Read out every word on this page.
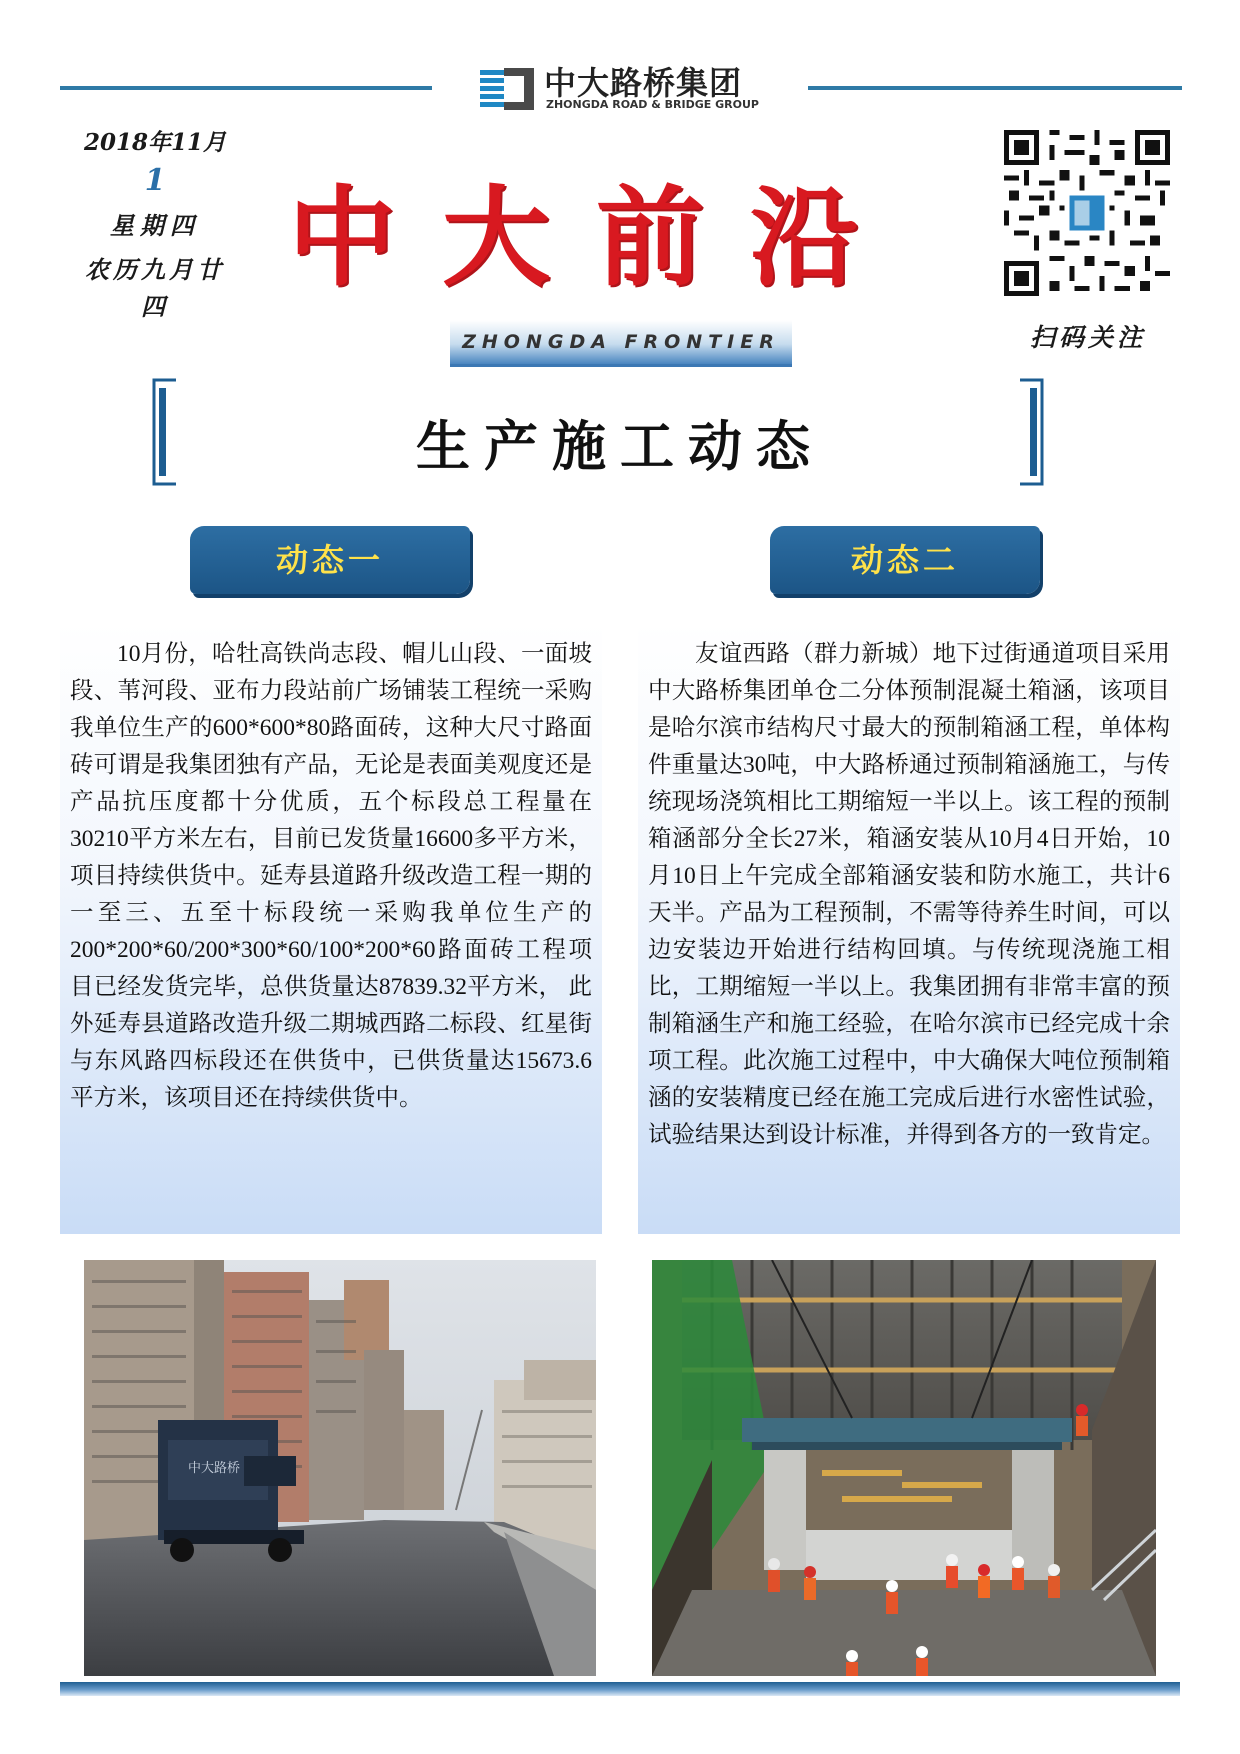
中大路桥集团
ZHONGDA ROAD & BRIDGE GROUP
2018年11月
1
星期四
农历九月廿
四
中大前沿
ZHONGDA FRONTIER	扫码关注
生产施工动态
动态一	动态二

10月份，哈牡高铁尚志段、帽儿山段、一面坡段、苇河段、亚布力段站前广场铺装工程统一采购我单位生产的600*600*80路面砖，这种大尺寸路面砖可谓是我集团独有产品，无论是表面美观度还是产品抗压度都十分优质，五个标段总工程量在30210平方米左右，目前已发货量16600多平方米，项目持续供货中。延寿县道路升级改造工程一期的一至三、五至十标段统一采购我单位生产的200*200*60/200*300*60/100*200*60路面砖工程项目已经发货完毕，总供货量达87839.32平方米， 此外延寿县道路改造升级二期城西路二标段、红星街与东风路四标段还在供货中，已供货量达15673.6平方米，该项目还在持续供货中。

友谊西路（群力新城）地下过街通道项目采用中大路桥集团单仓二分体预制混凝土箱涵，该项目是哈尔滨市结构尺寸最大的预制箱涵工程，单体构件重量达30吨，中大路桥通过预制箱涵施工，与传统现场浇筑相比工期缩短一半以上。该工程的预制箱涵部分全长27米，箱涵安装从10月4日开始，10月10日上午完成全部箱涵安装和防水施工，共计6天半。产品为工程预制，不需等待养生时间，可以边安装边开始进行结构回填。与传统现浇施工相比，工期缩短一半以上。我集团拥有非常丰富的预制箱涵生产和施工经验，在哈尔滨市已经完成十余项工程。此次施工过程中，中大确保大吨位预制箱涵的安装精度已经在施工完成后进行水密性试验，试验结果达到设计标准，并得到各方的一致肯定。

中大路桥
